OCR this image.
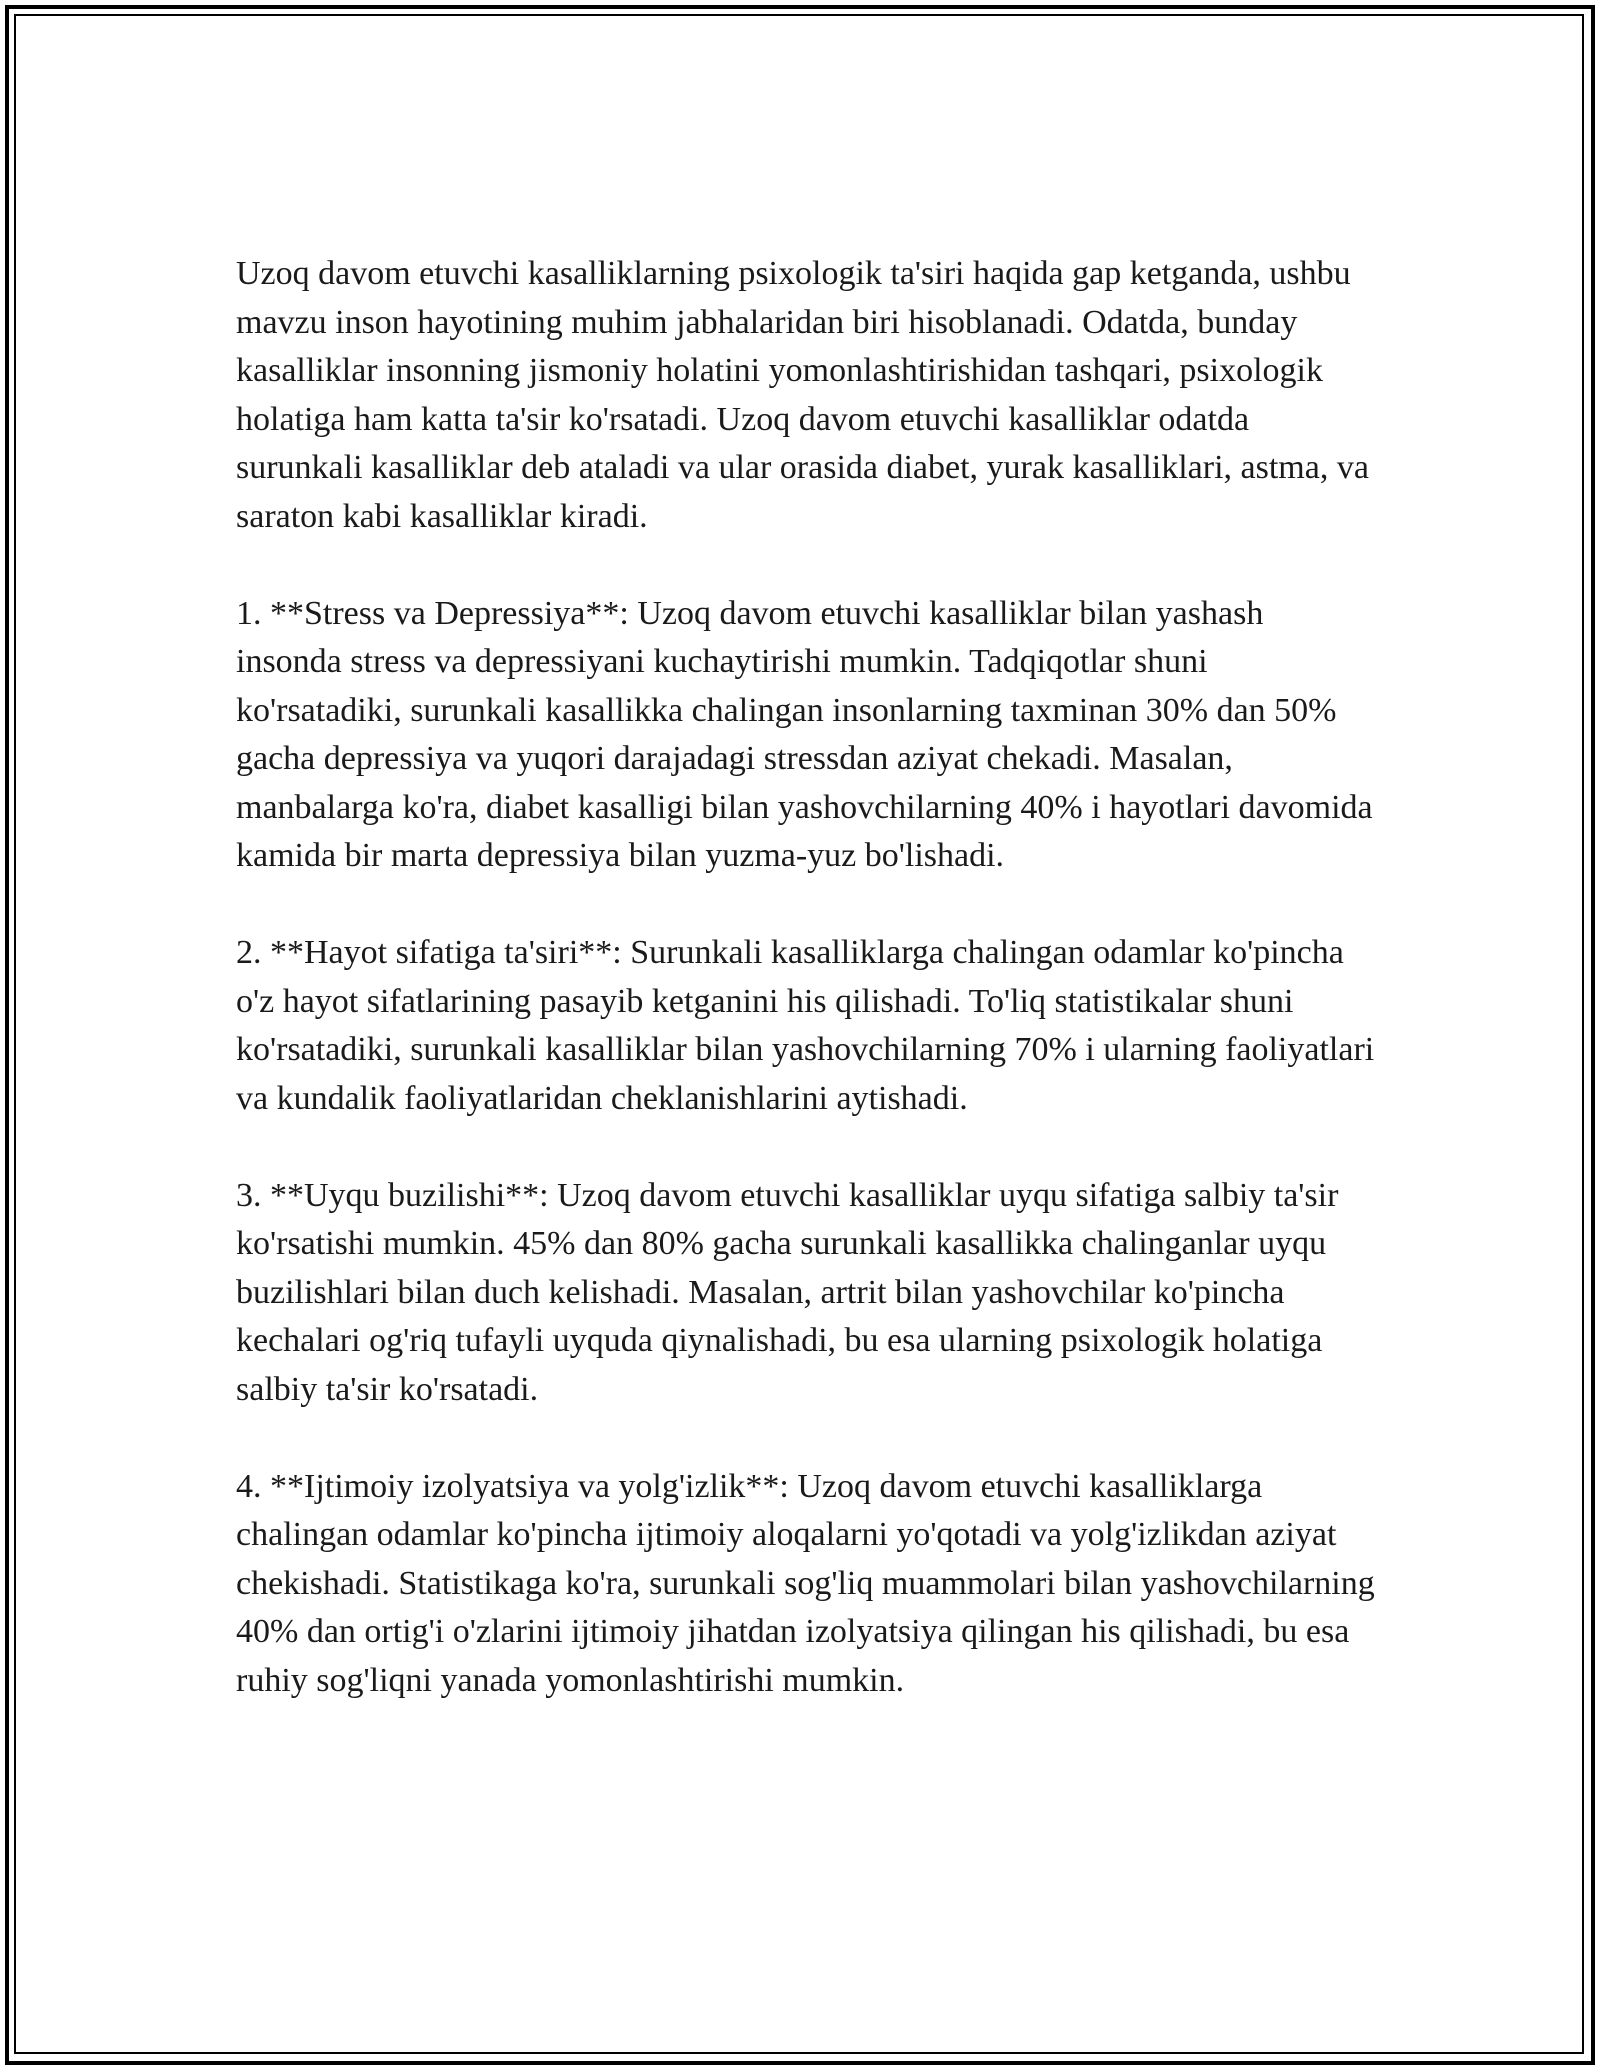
Uzoq davom etuvchi kasalliklarning psixologik ta'siri haqida gap ketganda, ushbu mavzu inson hayotining muhim jabhalaridan biri hisoblanadi. Odatda, bunday kasalliklar insonning jismoniy holatini yomonlashtirishidan tashqari, psixologik holatiga ham katta ta'sir ko'rsatadi. Uzoq davom etuvchi kasalliklar odatda surunkali kasalliklar deb ataladi va ular orasida diabet, yurak kasalliklari, astma, va saraton kabi kasalliklar kiradi.

1. **Stress va Depressiya**: Uzoq davom etuvchi kasalliklar bilan yashash insonda stress va depressiyani kuchaytirishi mumkin. Tadqiqotlar shuni ko'rsatadiki, surunkali kasallikka chalingan insonlarning taxminan 30% dan 50% gacha depressiya va yuqori darajadagi stressdan aziyat chekadi. Masalan, manbalarga ko'ra, diabet kasalligi bilan yashovchilarning 40% i hayotlari davomida kamida bir marta depressiya bilan yuzma-yuz bo'lishadi.

2. **Hayot sifatiga ta'siri**: Surunkali kasalliklarga chalingan odamlar ko'pincha o'z hayot sifatlarining pasayib ketganini his qilishadi. To'liq statistikalar shuni ko'rsatadiki, surunkali kasalliklar bilan yashovchilarning 70% i ularning faoliyatlari va kundalik faoliyatlaridan cheklanishlarini aytishadi.

3. **Uyqu buzilishi**: Uzoq davom etuvchi kasalliklar uyqu sifatiga salbiy ta'sir ko'rsatishi mumkin. 45% dan 80% gacha surunkali kasallikka chalinganlar uyqu buzilishlari bilan duch kelishadi. Masalan, artrit bilan yashovchilar ko'pincha kechalari og'riq tufayli uyquda qiynalishadi, bu esa ularning psixologik holatiga salbiy ta'sir ko'rsatadi.

4. **Ijtimoiy izolyatsiya va yolg'izlik**: Uzoq davom etuvchi kasalliklarga chalingan odamlar ko'pincha ijtimoiy aloqalarni yo'qotadi va yolg'izlikdan aziyat chekishadi. Statistikaga ko'ra, surunkali sog'liq muammolari bilan yashovchilarning 40% dan ortig'i o'zlarini ijtimoiy jihatdan izolyatsiya qilingan his qilishadi, bu esa ruhiy sog'liqni yanada yomonlashtirishi mumkin.
